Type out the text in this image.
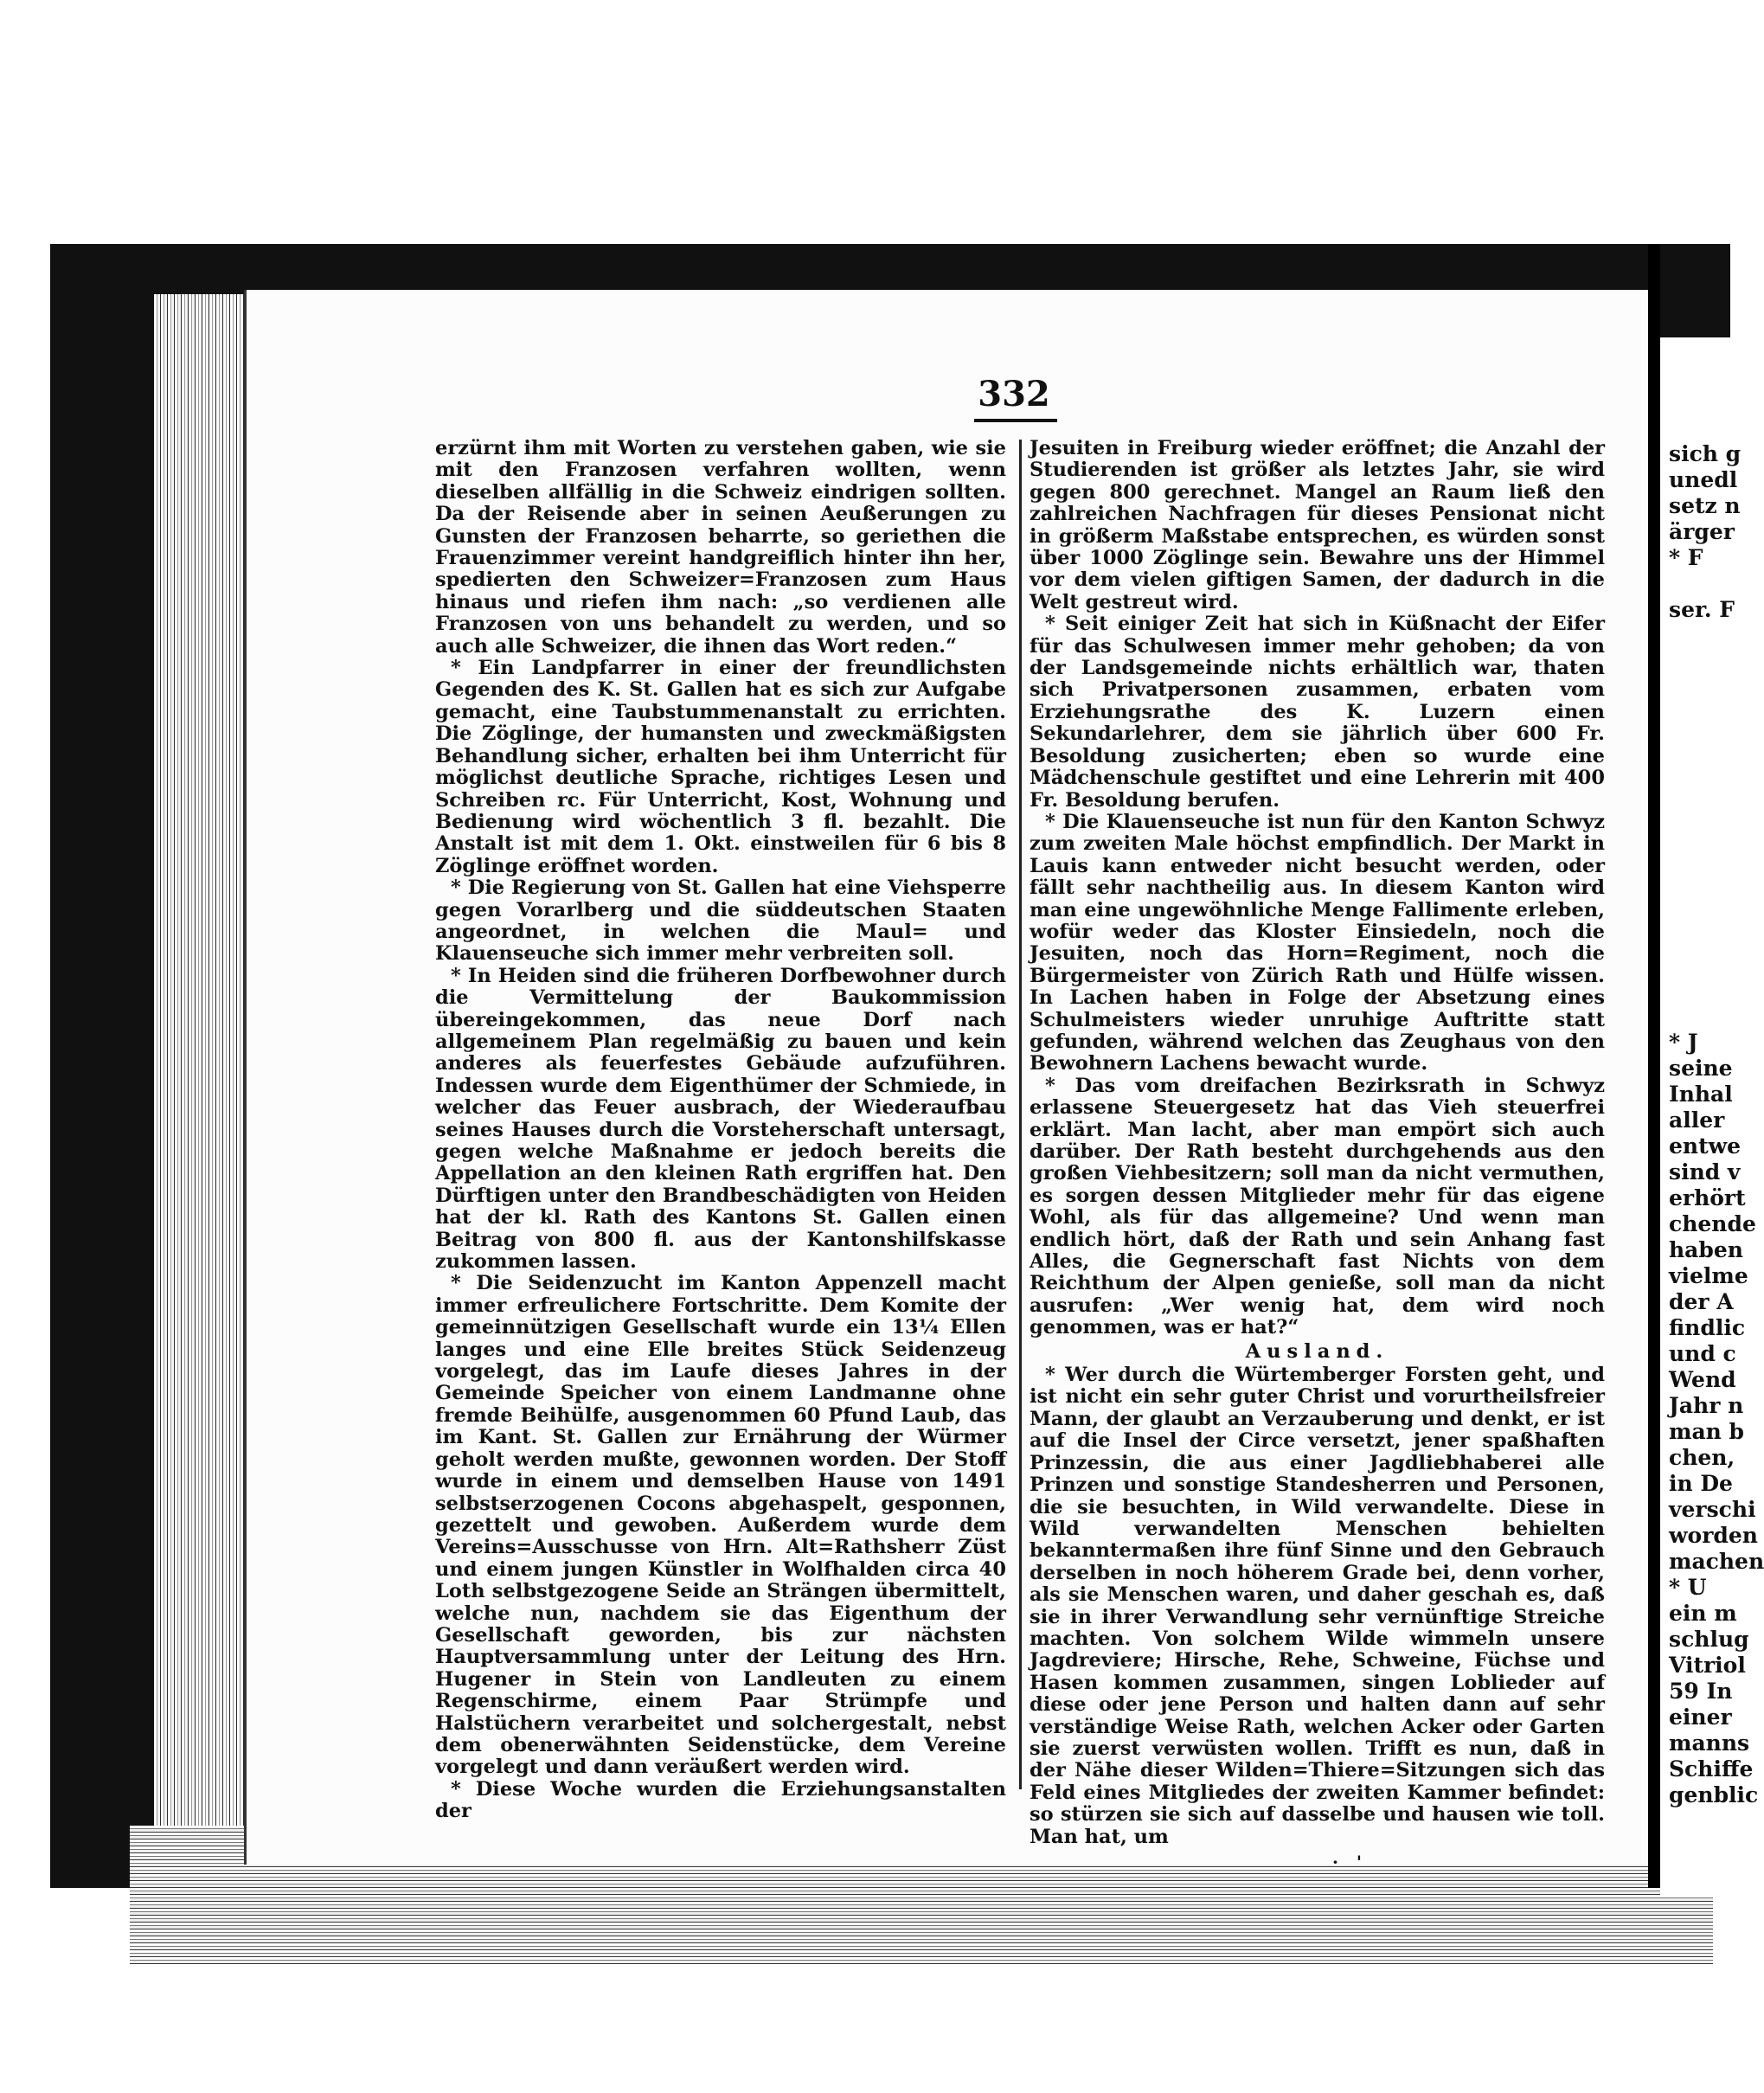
sich g
unedl
setz n
ärger
* F

ser. F
* J
seine
Inhal
aller
entwe
sind v
erhört
chende
haben
vielme
der A
findlic
und c
Wend
Jahr n
man b
chen,
in De
verschi
worden
machen
* U
ein m
schlug
Vitriol
59 In
einer
manns
Schiffe
genblic
332

erzürnt ihm mit Worten zu verstehen gaben, wie sie mit den Franzosen verfahren wollten, wenn dieselben allfällig in die Schweiz eindrigen sollten. Da der Reisende aber in seinen Aeußerungen zu Gunsten der Franzosen beharrte, so geriethen die Frauenzimmer vereint handgreiflich hinter ihn her, spedierten den Schweizer=Franzosen zum Haus hinaus und riefen ihm nach: „so verdienen alle Franzosen von uns behandelt zu werden, und so auch alle Schweizer, die ihnen das Wort reden.“

* Ein Landpfarrer in einer der freundlichsten Gegenden des K. St. Gallen hat es sich zur Aufgabe gemacht, eine Taubstummenanstalt zu errichten. Die Zöglinge, der humansten und zweckmäßigsten Behandlung sicher, erhalten bei ihm Unterricht für möglichst deutliche Sprache, richtiges Lesen und Schreiben rc. Für Unterricht, Kost, Wohnung und Bedienung wird wöchentlich 3 fl. bezahlt. Die Anstalt ist mit dem 1. Okt. einstweilen für 6 bis 8 Zöglinge eröffnet worden.

* Die Regierung von St. Gallen hat eine Viehsperre gegen Vorarlberg und die süddeutschen Staaten angeordnet, in welchen die Maul= und Klauenseuche sich immer mehr verbreiten soll.

* In Heiden sind die früheren Dorfbewohner durch die Vermittelung der Baukommission übereingekommen, das neue Dorf nach allgemeinem Plan regelmäßig zu bauen und kein anderes als feuerfestes Gebäude aufzuführen. Indessen wurde dem Eigenthümer der Schmiede, in welcher das Feuer ausbrach, der Wiederaufbau seines Hauses durch die Vorsteherschaft untersagt, gegen welche Maßnahme er jedoch bereits die Appellation an den kleinen Rath ergriffen hat. Den Dürftigen unter den Brandbeschädigten von Heiden hat der kl. Rath des Kantons St. Gallen einen Beitrag von 800 fl. aus der Kantonshilfskasse zukommen lassen.

* Die Seidenzucht im Kanton Appenzell macht immer erfreulichere Fortschritte. Dem Komite der gemeinnützigen Gesellschaft wurde ein 13¼ Ellen langes und eine Elle breites Stück Seidenzeug vorgelegt, das im Laufe dieses Jahres in der Gemeinde Speicher von einem Landmanne ohne fremde Beihülfe, ausgenommen 60 Pfund Laub, das im Kant. St. Gallen zur Ernährung der Würmer geholt werden mußte, gewonnen worden. Der Stoff wurde in einem und demselben Hause von 1491 selbstserzogenen Cocons abgehaspelt, gesponnen, gezettelt und gewoben. Außerdem wurde dem Vereins=Ausschusse von Hrn. Alt=Rathsherr Züst und einem jungen Künstler in Wolfhalden circa 40 Loth selbstgezogene Seide an Strängen übermittelt, welche nun, nachdem sie das Eigenthum der Gesellschaft geworden, bis zur nächsten Hauptversammlung unter der Leitung des Hrn. Hugener in Stein von Landleuten zu einem Regenschirme, einem Paar Strümpfe und Halstüchern verarbeitet und solchergestalt, nebst dem obenerwähnten Seidenstücke, dem Vereine vorgelegt und dann veräußert werden wird.

* Diese Woche wurden die Erziehungsanstalten der

Jesuiten in Freiburg wieder eröffnet; die Anzahl der Studierenden ist größer als letztes Jahr, sie wird gegen 800 gerechnet. Mangel an Raum ließ den zahlreichen Nachfragen für dieses Pensionat nicht in größerm Maßstabe entsprechen, es würden sonst über 1000 Zöglinge sein. Bewahre uns der Himmel vor dem vielen giftigen Samen, der dadurch in die Welt gestreut wird.

* Seit einiger Zeit hat sich in Küßnacht der Eifer für das Schulwesen immer mehr gehoben; da von der Landsgemeinde nichts erhältlich war, thaten sich Privatpersonen zusammen, erbaten vom Erziehungsrathe des K. Luzern einen Sekundarlehrer, dem sie jährlich über 600 Fr. Besoldung zusicherten; eben so wurde eine Mädchenschule gestiftet und eine Lehrerin mit 400 Fr. Besoldung berufen.

* Die Klauenseuche ist nun für den Kanton Schwyz zum zweiten Male höchst empfindlich. Der Markt in Lauis kann entweder nicht besucht werden, oder fällt sehr nachtheilig aus. In diesem Kanton wird man eine ungewöhnliche Menge Fallimente erleben, wofür weder das Kloster Einsiedeln, noch die Jesuiten, noch das Horn=Regiment, noch die Bürgermeister von Zürich Rath und Hülfe wissen. In Lachen haben in Folge der Absetzung eines Schulmeisters wieder unruhige Auftritte statt gefunden, während welchen das Zeughaus von den Bewohnern Lachens bewacht wurde.

* Das vom dreifachen Bezirksrath in Schwyz erlassene Steuergesetz hat das Vieh steuerfrei erklärt. Man lacht, aber man empört sich auch darüber. Der Rath besteht durchgehends aus den großen Viehbesitzern; soll man da nicht vermuthen, es sorgen dessen Mitglieder mehr für das eigene Wohl, als für das allgemeine? Und wenn man endlich hört, daß der Rath und sein Anhang fast Alles, die Gegnerschaft fast Nichts von dem Reichthum der Alpen genieße, soll man da nicht ausrufen: „Wer wenig hat, dem wird noch genommen, was er hat?“

Ausland.

* Wer durch die Würtemberger Forsten geht, und ist nicht ein sehr guter Christ und vorurtheilsfreier Mann, der glaubt an Verzauberung und denkt, er ist auf die Insel der Circe versetzt, jener spaßhaften Prinzessin, die aus einer Jagdliebhaberei alle Prinzen und sonstige Standesherren und Personen, die sie besuchten, in Wild verwandelte. Diese in Wild verwandelten Menschen behielten bekanntermaßen ihre fünf Sinne und den Gebrauch derselben in noch höherem Grade bei, denn vorher, als sie Menschen waren, und daher geschah es, daß sie in ihrer Verwandlung sehr vernünftige Streiche machten. Von solchem Wilde wimmeln unsere Jagdreviere; Hirsche, Rehe, Schweine, Füchse und Hasen kommen zusammen, singen Loblieder auf diese oder jene Person und halten dann auf sehr verständige Weise Rath, welchen Acker oder Garten sie zuerst verwüsten wollen. Trifft es nun, daß in der Nähe dieser Wilden=Thiere=Sitzungen sich das Feld eines Mitgliedes der zweiten Kammer befindet: so stürzen sie sich auf dasselbe und hausen wie toll. Man hat, um

·   '
